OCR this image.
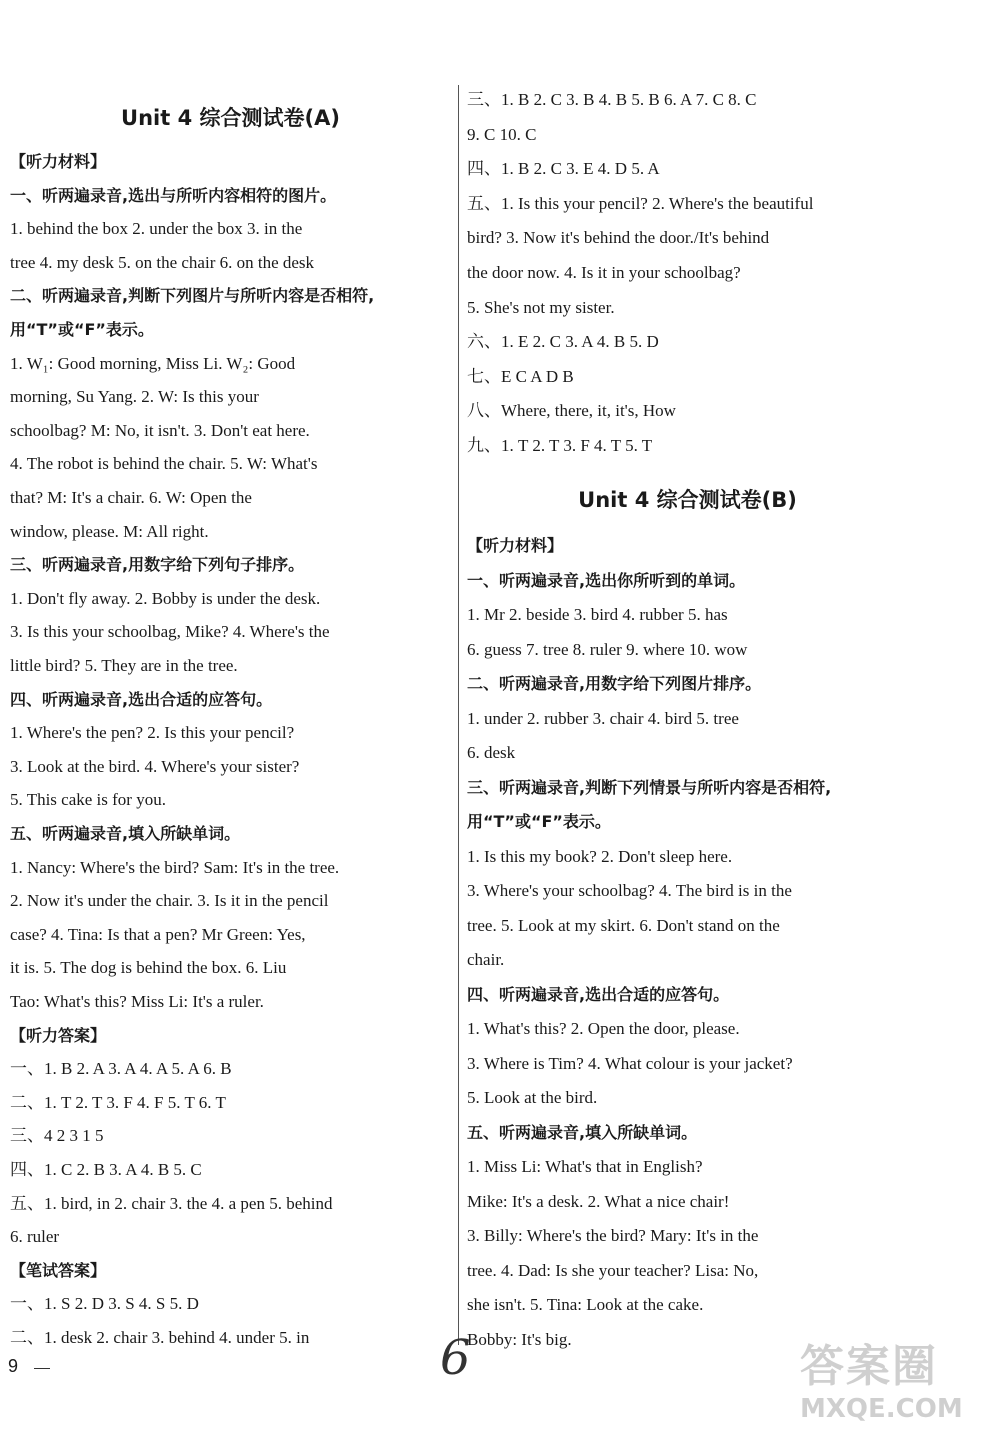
Unit 4 综合测试卷(A)
【听力材料】
一、听两遍录音,选出与所听内容相符的图片。
1. behind the box 2. under the box 3. in the
tree 4. my desk 5. on the chair 6. on the desk
二、听两遍录音,判断下列图片与所听内容是否相符,
用“T”或“F”表示。
1. W₁: Good morning, Miss Li. W₂: Good
morning, Su Yang. 2. W: Is this your
schoolbag? M: No, it isn't. 3. Don't eat here.
4. The robot is behind the chair. 5. W: What's
that? M: It's a chair. 6. W: Open the
window, please. M: All right.
三、听两遍录音,用数字给下列句子排序。
1. Don't fly away. 2. Bobby is under the desk.
3. Is this your schoolbag, Mike? 4. Where's the
little bird? 5. They are in the tree.
四、听两遍录音,选出合适的应答句。
1. Where's the pen? 2. Is this your pencil?
3. Look at the bird. 4. Where's your sister?
5. This cake is for you.
五、听两遍录音,填入所缺单词。
1. Nancy: Where's the bird? Sam: It's in the tree.
2. Now it's under the chair. 3. Is it in the pencil
case? 4. Tina: Is that a pen? Mr Green: Yes,
it is. 5. The dog is behind the box. 6. Liu
Tao: What's this? Miss Li: It's a ruler.
【听力答案】
一、1. B 2. A 3. A 4. A 5. A 6. B
二、1. T 2. T 3. F 4. F 5. T 6. T
三、4 2 3 1 5
四、1. C 2. B 3. A 4. B 5. C
五、1. bird, in 2. chair 3. the 4. a pen 5. behind
6. ruler
【笔试答案】
一、1. S 2. D 3. S 4. S 5. D
二、1. desk 2. chair 3. behind 4. under 5. in
三、1. B 2. C 3. B 4. B 5. B 6. A 7. C 8. C
9. C 10. C
四、1. B 2. C 3. E 4. D 5. A
五、1. Is this your pencil? 2. Where's the beautiful
bird? 3. Now it's behind the door./It's behind
the door now. 4. Is it in your schoolbag?
5. She's not my sister.
六、1. E 2. C 3. A 4. B 5. D
七、E C A D B
八、Where, there, it, it's, How
九、1. T 2. T 3. F 4. T 5. T
Unit 4 综合测试卷(B)
【听力材料】
一、听两遍录音,选出你所听到的单词。
1. Mr 2. beside 3. bird 4. rubber 5. has
6. guess 7. tree 8. ruler 9. where 10. wow
二、听两遍录音,用数字给下列图片排序。
1. under 2. rubber 3. chair 4. bird 5. tree
6. desk
三、听两遍录音,判断下列情景与所听内容是否相符,
用“T”或“F”表示。
1. Is this my book? 2. Don't sleep here.
3. Where's your schoolbag? 4. The bird is in the
tree. 5. Look at my skirt. 6. Don't stand on the
chair.
四、听两遍录音,选出合适的应答句。
1. What's this? 2. Open the door, please.
3. Where is Tim? 4. What colour is your jacket?
5. Look at the bird.
五、听两遍录音,填入所缺单词。
1. Miss Li: What's that in English?
Mike: It's a desk. 2. What a nice chair!
3. Billy: Where's the bird? Mary: It's in the
tree. 4. Dad: Is she your teacher? Lisa: No,
she isn't. 5. Tina: Look at the cake.
Bobby: It's big.
9	6	答案圈
MXQE.COM
